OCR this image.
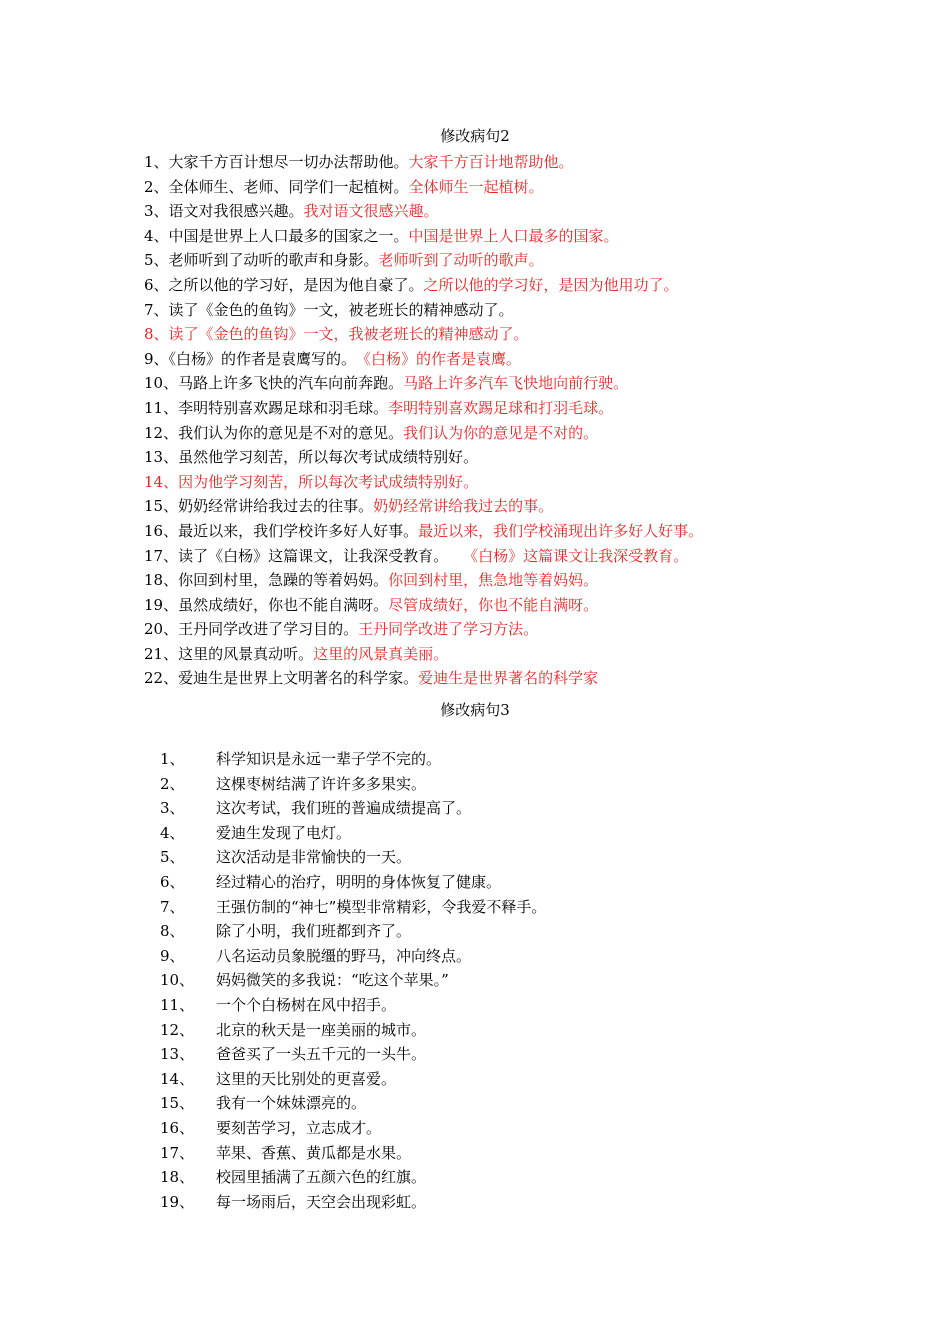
修改病句2
1、大家千方百计想尽一切办法帮助他。大家千方百计地帮助他。
2、全体师生、老师、同学们一起植树。全体师生一起植树。
3、语文对我很感兴趣。我对语文很感兴趣。
4、中国是世界上人口最多的国家之一。中国是世界上人口最多的国家。
5、老师听到了动听的歌声和身影。老师听到了动听的歌声。
6、之所以他的学习好，是因为他自豪了。之所以他的学习好，是因为他用功了。
7、读了《金色的鱼钩》一文，被老班长的精神感动了。
8、读了《金色的鱼钩》一文，我被老班长的精神感动了。
9、《白杨》的作者是袁鹰写的。　《白杨》的作者是袁鹰。
10、马路上许多飞快的汽车向前奔跑。马路上许多汽车飞快地向前行驶。
11、李明特别喜欢踢足球和羽毛球。李明特别喜欢踢足球和打羽毛球。
12、我们认为你的意见是不对的意见。我们认为你的意见是不对的。
13、虽然他学习刻苦，所以每次考试成绩特别好。
14、因为他学习刻苦，所以每次考试成绩特别好。
15、奶奶经常讲给我过去的往事。奶奶经常讲给我过去的事。
16、最近以来，我们学校许多好人好事。最近以来，我们学校涌现出许多好人好事。
17、读了《白杨》这篇课文，让我深受教育。　　《白杨》这篇课文让我深受教育。
18、你回到村里，急躁的等着妈妈。你回到村里，焦急地等着妈妈。
19、虽然成绩好，你也不能自满呀。尽管成绩好，你也不能自满呀。
20、王丹同学改进了学习目的。王丹同学改进了学习方法。
21、这里的风景真动听。这里的风景真美丽。
22、爱迪生是世界上文明著名的科学家。爱迪生是世界著名的科学家
修改病句3
1、 科学知识是永远一辈子学不完的。
2、 这棵枣树结满了许许多多果实。
3、 这次考试，我们班的普遍成绩提高了。
4、 爱迪生发现了电灯。
5、 这次活动是非常愉快的一天。
6、 经过精心的治疗，明明的身体恢复了健康。
7、 王强仿制的“神七”模型非常精彩，令我爱不释手。
8、 除了小明，我们班都到齐了。
9、 八名运动员象脱缰的野马，冲向终点。
10、 妈妈微笑的多我说：“吃这个苹果。”
11、 一个个白杨树在风中招手。
12、 北京的秋天是一座美丽的城市。
13、 爸爸买了一头五千元的一头牛。
14、 这里的天比别处的更喜爱。
15、 我有一个妹妹漂亮的。
16、 要刻苦学习，立志成才。
17、 苹果、香蕉、黄瓜都是水果。
18、 校园里插满了五颜六色的红旗。
19、 每一场雨后，天空会出现彩虹。
